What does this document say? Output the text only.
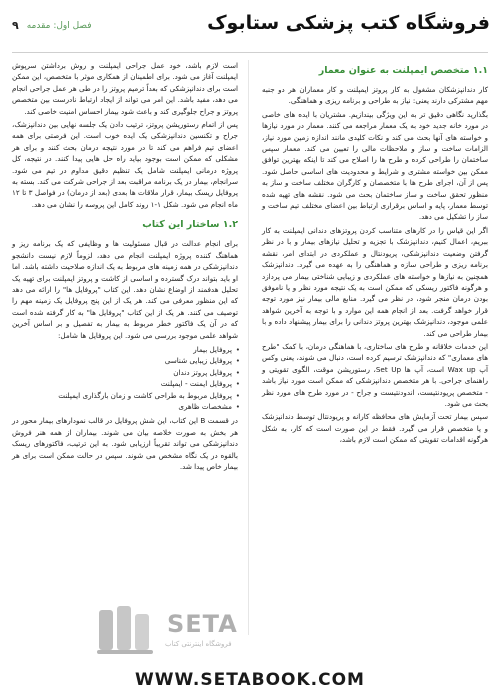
فروشگاه کتب پزشکی ستابوک
فصل اول: مقدمه
۹
۱.۱ متخصص ایمپلنت به عنوان معمار

کار دندانپزشکان مشغول به کار پروتز ایمپلنت و کار معماران هر دو جنبه مهم مشترکی دارند یعنی: نیاز به طراحی و برنامه ریزی و هماهنگی.

بگذارید نگاهی دقیق تر به این ویژگی بیندازیم. مشتریان با ایده های خاصی در مورد خانه جدید خود به یک معمار مراجعه می کنند. معمار در مورد نیازها و خواسته های آنها بحث می کند و نکات کلیدی مانند اندازه زمین مورد نیاز، الزامات ساخت و ساز و ملاحظات مالی را تعیین می کند. معمار سپس ساختمان را طراحی کرده و طرح ها را اصلاح می کند تا اینکه بهترین توافق ممکن بین خواسته مشتری و شرایط و محدودیت های اساسی حاصل شود. پس از آن، اجرای طرح ها با متخصصان و کارگران مختلف ساخت و ساز به منظور تحقق ساخت و ساز ساختمان بحث می شود. نقشه های تهیه شده توسط معمار، پایه و اساس برقراری ارتباط بین اعضای مختلف تیم ساخت و ساز را تشکیل می دهد.

اگر این قیاس را در کارهای متناسب کردن پروتزهای دندانی ایمپلنت به کار ببریم، اعمال کنیم، دندانپزشک با تجزیه و تحلیل نیازهای بیمار و با در نظر گرفتن وضعیت دندانپزشکی، پریودنتال و عملکردی در ابتدای امر، نقشه برنامه ریزی و طراحی سازه و هماهنگی را به عهده می گیرد. دندانپزشک همچنین به نیازها و خواسته های عملکردی و زیبایی شناختی بیمار می پردازد و هرگونه فاکتور ریسکی که ممکن است به یک نتیجه مورد نظر و یا ناموفق بودن درمان منجر شود، در نظر می گیرد. منابع مالی بیمار نیز مورد توجه قرار خواهد گرفت. بعد از انجام همه این موارد و با توجه به آخرین شواهد علمی موجود، دندانپزشک بهترین پروتز دندانی را برای بیمار پیشنهاد داده و با بیمار طراحی می کند.

این خدمات خلاقانه و طرح های ساختاری، با هماهنگی درمان، با کمک "طرح های معماری" که دندانپزشک ترسیم کرده است، دنبال می شوند، یعنی وکس آپ Wax up است، آپ ها Set Up، رستوریشن موقت، الگوی تقویتی و راهنمای جراحی. با هر متخصص دندانپزشکی که ممکن است مورد نیاز باشد - متخصص پریودنتیست، اندودنتیست و جراح - در مورد طرح های مورد نظر بحث می شود.

سپس بیمار تحت آزمایش های محافظه کارانه و پریودنتال توسط دندانپزشک و یا متخصص قرار می گیرد. فقط در این صورت است که کار، به شکل هرگونه اقدامات تقویتی که ممکن است لازم باشد،

است لازم باشد، خود عمل جراحی ایمپلنت و روش برداشتن سرپوش ایمپلنت آغاز می شود. برای اطمینان از همکاری موثر با متخصص، این ممکن است برای دندانپزشکی که بعداً ترمیم پروتز را در طی هر عمل جراحی انجام می دهد، مفید باشد. این امر می تواند از ایجاد ارتباط نادرست بین متخصص پروتز و جراح جلوگیری کند و باعث شود بیمار احساس امنیت خاصی کند.

پس از اتمام رستوریشن پروتز، ترتیب دادن یک جلسه نهایی بین دندانپزشک، جراح و تکنسین دندانپزشکی یک ایده خوب است. این فرصتی برای همه اعضای تیم فراهم می کند تا در مورد نتیجه درمان بحث کنند و برای هر مشکلی که ممکن است بوجود بیاید راه حل هایی پیدا کنند. در نتیجه، کل پروژه درمانی ایمپلنت شامل یک تنظیم دقیق مداوم در تیم می شود. سرانجام، بیمار در یک برنامه مراقبت بعد از جراحی شرکت می کند. بسته به پروفایل ریسک بیمار، قرار ملاقات ها بعدی (بعد از درمان) در فواصل ۳ تا ۱۲ ماه انجام می شود. شکل ۱-۱ روند کامل این پروسه را نشان می دهد.

۱.۲ ساختار این کتاب

برای انجام عدالت در قبال مسئولیت ها و وظایفی که یک برنامه ریز و هماهنگ کننده پروژه ایمپلنت انجام می دهد، لزوماً لازم نیست دانشجو دندانپزشکی در همه زمینه های مربوط به یک اندازه صلاحیت داشته باشد. اما او باید بتواند درک گسترده و اساسی از کاشت و پروتز ایمپلنت برای تهیه یک تحلیل هدفمند از اوضاع نشان دهد. این کتاب "پروفایل ها" را ارائه می دهد که این منظور معرفی می کند. هر یک از این پنج پروفایل یک زمینه مهم را توصیف می کنند. هر یک از این کتاب "پروفایل ها" به کار گرفته شده است که در آن یک فاکتور خطر مربوط به بیمار به تفصیل و بر اساس آخرین شواهد علمی موجود بررسی می شود. این پروفایل ها شامل:

• پروفایل بیمار
• پروفایل زیبایی شناسی
• پروفایل پروتز دندان
• پروفایل ایمنت - ایمپلنت
• پروفایل مربوط به طراحی کاشت و زمان بارگذاری ایمپلنت
• مشخصات ظاهری

در قسمت B این کتاب، این شش پروفایل در قالب نمودارهای بیمار محور در هر بخش به صورت خلاصه بیان می شوند. بیماران از همه هنر فروش دندانپزشکی می تواند تقریباً ارزیابی شود. به این ترتیب، فاکتورهای ریسک بالقوه در یک نگاه مشخص می شوند. سپس در حالت ممکن است برای هر بیمار خاص پیدا شد.

SETA
فروشگاه اینترنتی کتاب
WWW.SETABOOK.COM
